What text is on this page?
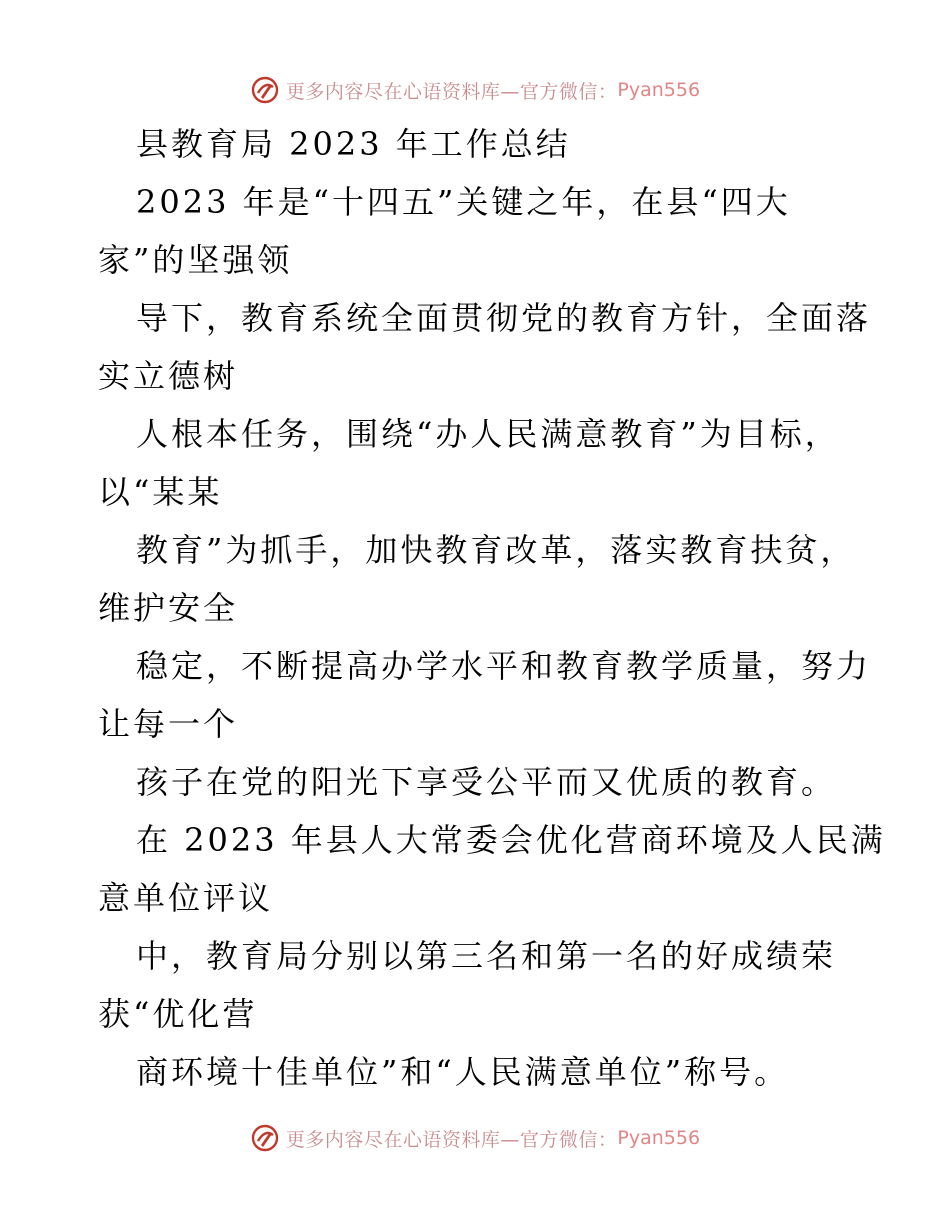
更多内容尽在心语资料库—官方微信： Pyan556
县教育局 2023 年工作总结
2023 年是“十四五”关键之年，在县“四大
家”的坚强领
导下，教育系统全面贯彻党的教育方针，全面落
实立德树
人根本任务，围绕“办人民满意教育”为目标，
以“某某
教育”为抓手，加快教育改革，落实教育扶贫，
维护安全
稳定，不断提高办学水平和教育教学质量，努力
让每一个
孩子在党的阳光下享受公平而又优质的教育。
在 2023 年县人大常委会优化营商环境及人民满
意单位评议
中，教育局分别以第三名和第一名的好成绩荣
获“优化营
商环境十佳单位”和“人民满意单位”称号。
更多内容尽在心语资料库—官方微信： Pyan556
